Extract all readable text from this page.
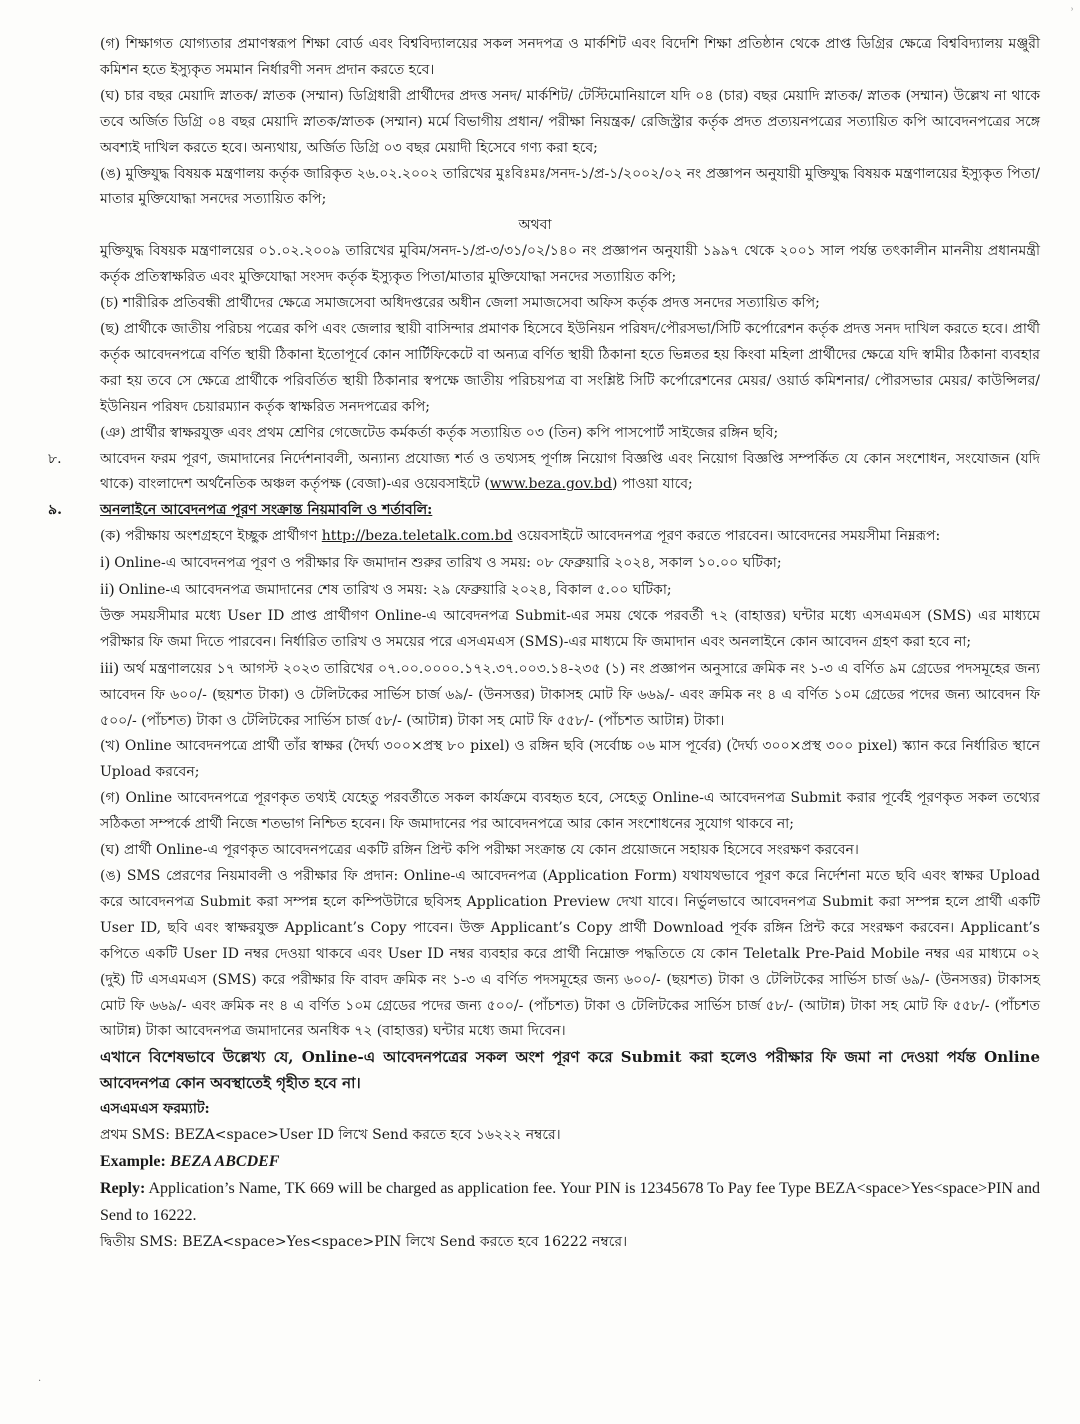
ʾ
·

(গ) শিক্ষাগত যোগ্যতার প্রমাণস্বরূপ শিক্ষা বোর্ড এবং বিশ্ববিদ্যালয়ের সকল সনদপত্র ও মার্কশিট এবং বিদেশি শিক্ষা প্রতিষ্ঠান থেকে প্রাপ্ত ডিগ্রির ক্ষেত্রে বিশ্ববিদ্যালয় মঞ্জুরী কমিশন হতে ইস্যুকৃত সমমান নির্ধারণী সনদ প্রদান করতে হবে।

(ঘ) চার বছর মেয়াদি স্নাতক/ স্নাতক (সম্মান) ডিগ্রিধারী প্রার্থীদের প্রদত্ত সনদ/ মার্কশিট/ টেস্টিমোনিয়ালে যদি ০৪ (চার) বছর মেয়াদি স্নাতক/ স্নাতক (সম্মান) উল্লেখ না থাকে তবে অর্জিত ডিগ্রি ০৪ বছর মেয়াদি স্নাতক/স্নাতক (সম্মান) মর্মে বিভাগীয় প্রধান/ পরীক্ষা নিয়ন্ত্রক/ রেজিস্ট্রার কর্তৃক প্রদত প্রত্যয়নপত্রের সত্যায়িত কপি আবেদনপত্রের সঙ্গে অবশ্যই দাখিল করতে হবে। অন্যথায়, অর্জিত ডিগ্রি ০৩ বছর মেয়াদী হিসেবে গণ্য করা হবে;

(ঙ) মুক্তিযুদ্ধ বিষয়ক মন্ত্রণালয় কর্তৃক জারিকৃত ২৬.০২.২০০২ তারিখের মুঃবিঃমঃ/সনদ-১/প্র-১/২০০২/০২ নং প্রজ্ঞাপন অনুযায়ী মুক্তিযুদ্ধ বিষয়ক মন্ত্রণালয়ের ইস্যুকৃত পিতা/মাতার মুক্তিযোদ্ধা সনদের সত্যায়িত কপি;

অথবা

মুক্তিযুদ্ধ বিষয়ক মন্ত্রণালয়ের ০১.০২.২০০৯ তারিখের মুবিম/সনদ-১/প্র-৩/৩১/০২/১৪০ নং প্রজ্ঞাপন অনুযায়ী ১৯৯৭ থেকে ২০০১ সাল পর্যন্ত তৎকালীন মাননীয় প্রধানমন্ত্রী কর্তৃক প্রতিস্বাক্ষরিত এবং মুক্তিযোদ্ধা সংসদ কর্তৃক ইস্যুকৃত পিতা/মাতার মুক্তিযোদ্ধা সনদের সত্যায়িত কপি;

(চ) শারীরিক প্রতিবন্ধী প্রার্থীদের ক্ষেত্রে সমাজসেবা অধিদপ্তরের অধীন জেলা সমাজসেবা অফিস কর্তৃক প্রদত্ত সনদের সত্যায়িত কপি;

(ছ) প্রার্থীকে জাতীয় পরিচয় পত্রের কপি এবং জেলার স্থায়ী বাসিন্দার প্রমাণক হিসেবে ইউনিয়ন পরিষদ/পৌরসভা/সিটি কর্পোরেশন কর্তৃক প্রদত্ত সনদ দাখিল করতে হবে। প্রার্থী কর্তৃক আবেদনপত্রে বর্ণিত স্থায়ী ঠিকানা ইতোপূর্বে কোন সার্টিফিকেটে বা অন্যত্র বর্ণিত স্থায়ী ঠিকানা হতে ভিন্নতর হয় কিংবা মহিলা প্রার্থীদের ক্ষেত্রে যদি স্বামীর ঠিকানা ব্যবহার করা হয় তবে সে ক্ষেত্রে প্রার্থীকে পরিবর্তিত স্থায়ী ঠিকানার স্বপক্ষে জাতীয় পরিচয়পত্র বা সংশ্লিষ্ট সিটি কর্পোরেশনের মেয়র/ ওয়ার্ড কমিশনার/ পৌরসভার মেয়র/ কাউন্সিলর/ ইউনিয়ন পরিষদ চেয়ারম্যান কর্তৃক স্বাক্ষরিত সনদপত্রের কপি;

(ঞ) প্রার্থীর স্বাক্ষরযুক্ত এবং প্রথম শ্রেণির গেজেটেড কর্মকর্তা কর্তৃক সত্যায়িত ০৩ (তিন) কপি পাসপোর্ট সাইজের রঙ্গিন ছবি;

৮.	আবেদন ফরম পূরণ, জমাদানের নির্দেশনাবলী, অন্যান্য প্রযোজ্য শর্ত ও তথ্যসহ পূর্ণাঙ্গ নিয়োগ বিজ্ঞপ্তি এবং নিয়োগ বিজ্ঞপ্তি সম্পর্কিত যে কোন সংশোধন, সংযোজন (যদি থাকে) বাংলাদেশ অর্থনৈতিক অঞ্চল কর্তৃপক্ষ (বেজা)-এর ওয়েবসাইটে (www.beza.gov.bd) পাওয়া যাবে;
৯.	অনলাইনে আবেদনপত্র পূরণ সংক্রান্ত নিয়মাবলি ও শর্তাবলি:

(ক) পরীক্ষায় অংশগ্রহণে ইচ্ছুক প্রার্থীগণ http://beza.teletalk.com.bd ওয়েবসাইটে আবেদনপত্র পূরণ করতে পারবেন। আবেদনের সময়সীমা নিম্নরূপ:

i) Online-এ আবেদনপত্র পূরণ ও পরীক্ষার ফি জমাদান শুরুর তারিখ ও সময়: ০৮ ফেব্রুয়ারি ২০২৪, সকাল ১০.০০ ঘটিকা;

ii) Online-এ আবেদনপত্র জমাদানের শেষ তারিখ ও সময়: ২৯ ফেব্রুয়ারি ২০২৪, বিকাল ৫.০০ ঘটিকা;

উক্ত সময়সীমার মধ্যে User ID প্রাপ্ত প্রার্থীগণ Online-এ আবেদনপত্র Submit-এর সময় থেকে পরবর্তী ৭২ (বাহাত্তর) ঘন্টার মধ্যে এসএমএস (SMS) এর মাধ্যমে পরীক্ষার ফি জমা দিতে পারবেন। নির্ধারিত তারিখ ও সময়ের পরে এসএমএস (SMS)-এর মাধ্যমে ফি জমাদান এবং অনলাইনে কোন আবেদন গ্রহণ করা হবে না;

iii) অর্থ মন্ত্রণালয়ের ১৭ আগস্ট ২০২৩ তারিখের ০৭.০০.০০০০.১৭২.৩৭.০০৩.১৪-২৩৫ (১) নং প্রজ্ঞাপন অনুসারে ক্রমিক নং ১-৩ এ বর্ণিত ৯ম গ্রেডের পদসমূহের জন্য আবেদন ফি ৬০০/- (ছয়শত টাকা) ও টেলিটকের সার্ভিস চার্জ ৬৯/- (উনসত্তর) টাকাসহ মোট ফি ৬৬৯/- এবং ক্রমিক নং ৪ এ বর্ণিত ১০ম গ্রেডের পদের জন্য আবেদন ফি ৫০০/- (পাঁচশত) টাকা ও টেলিটকের সার্ভিস চার্জ ৫৮/- (আটান্ন) টাকা সহ মোট ফি ৫৫৮/- (পাঁচশত আটান্ন) টাকা।

(খ) Online আবেদনপত্রে প্রার্থী তাঁর স্বাক্ষর (দৈর্ঘ্য ৩০০×প্রস্থ ৮০ pixel) ও রঙ্গিন ছবি (সর্বোচ্চ ০৬ মাস পূর্বের) (দৈর্ঘ্য ৩০০×প্রস্থ ৩০০ pixel) স্ক্যান করে নির্ধারিত স্থানে Upload করবেন;

(গ) Online আবেদনপত্রে পূরণকৃত তথ্যই যেহেতু পরবর্তীতে সকল কার্যক্রমে ব্যবহৃত হবে, সেহেতু Online-এ আবেদনপত্র Submit করার পূর্বেই পূরণকৃত সকল তথ্যের সঠিকতা সম্পর্কে প্রার্থী নিজে শতভাগ নিশ্চিত হবেন। ফি জমাদানের পর আবেদনপত্রে আর কোন সংশোধনের সুযোগ থাকবে না;

(ঘ) প্রার্থী Online-এ পূরণকৃত আবেদনপত্রের একটি রঙ্গিন প্রিন্ট কপি পরীক্ষা সংক্রান্ত যে কোন প্রয়োজনে সহায়ক হিসেবে সংরক্ষণ করবেন।

(ঙ) SMS প্রেরণের নিয়মাবলী ও পরীক্ষার ফি প্রদান: Online-এ আবেদনপত্র (Application Form) যথাযথভাবে পূরণ করে নির্দেশনা মতে ছবি এবং স্বাক্ষর Upload করে আবেদনপত্র Submit করা সম্পন্ন হলে কম্পিউটারে ছবিসহ Application Preview দেখা যাবে। নির্ভুলভাবে আবেদনপত্র Submit করা সম্পন্ন হলে প্রার্থী একটি User ID, ছবি এবং স্বাক্ষরযুক্ত Applicant’s Copy পাবেন। উক্ত Applicant’s Copy প্রার্থী Download পূর্বক রঙ্গিন প্রিন্ট করে সংরক্ষণ করবেন। Applicant’s কপিতে একটি User ID নম্বর দেওয়া থাকবে এবং User ID নম্বর ব্যবহার করে প্রার্থী নিম্নোক্ত পদ্ধতিতে যে কোন Teletalk Pre-Paid Mobile নম্বর এর মাধ্যমে ০২ (দুই) টি এসএমএস (SMS) করে পরীক্ষার ফি বাবদ ক্রমিক নং ১-৩ এ বর্ণিত পদসমূহের জন্য ৬০০/- (ছয়শত) টাকা ও টেলিটকের সার্ভিস চার্জ ৬৯/- (উনসত্তর) টাকাসহ মোট ফি ৬৬৯/- এবং ক্রমিক নং ৪ এ বর্ণিত ১০ম গ্রেডের পদের জন্য ৫০০/- (পাঁচশত) টাকা ও টেলিটকের সার্ভিস চার্জ ৫৮/- (আটান্ন) টাকা সহ মোট ফি ৫৫৮/- (পাঁচশত আটান্ন) টাকা আবেদনপত্র জমাদানের অনধিক ৭২ (বাহাত্তর) ঘন্টার মধ্যে জমা দিবেন।

এখানে বিশেষভাবে উল্লেখ্য যে, Online-এ আবেদনপত্রের সকল অংশ পূরণ করে Submit করা হলেও পরীক্ষার ফি জমা না দেওয়া পর্যন্ত Online আবেদনপত্র কোন অবস্থাতেই গৃহীত হবে না।

এসএমএস ফরম্যাট:

প্রথম SMS: BEZA<space>User ID লিখে Send করতে হবে ১৬২২২ নম্বরে।

Example: BEZA ABCDEF

Reply: Application’s Name, TK 669 will be charged as application fee. Your PIN is 12345678 To Pay fee Type BEZA<space>Yes<space>PIN and Send to 16222.

দ্বিতীয় SMS: BEZA<space>Yes<space>PIN লিখে Send করতে হবে 16222 নম্বরে।
